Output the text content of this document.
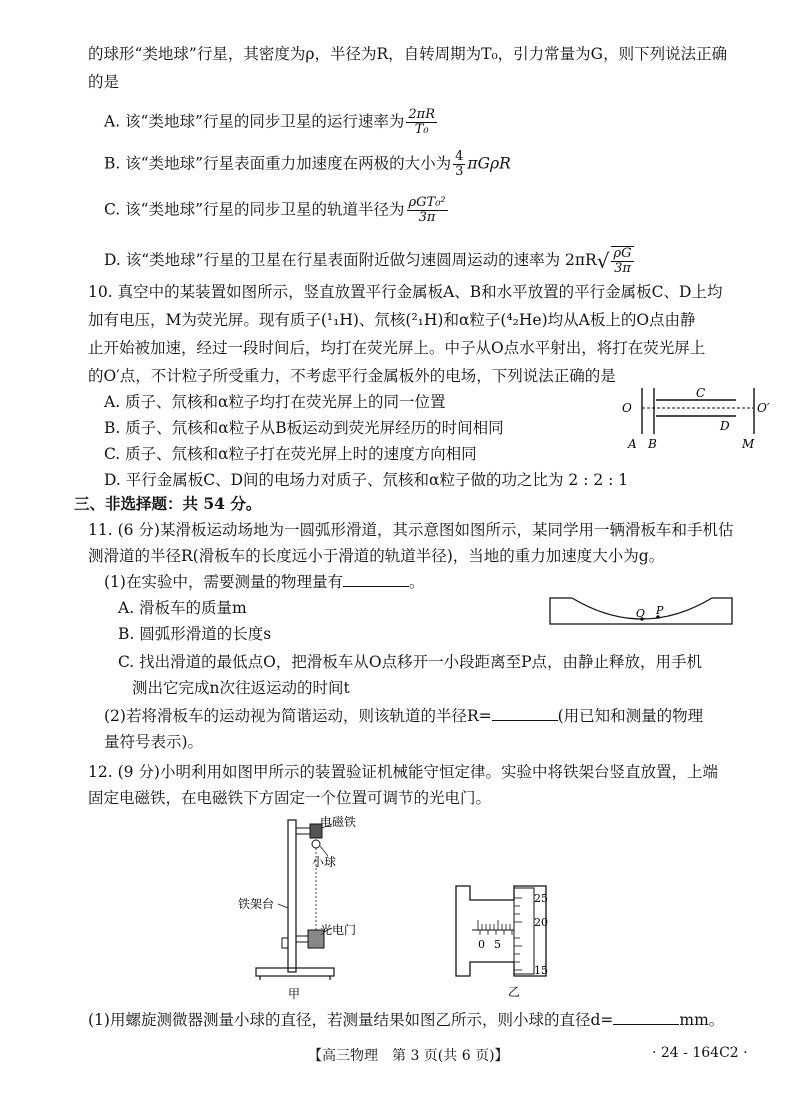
的球形“类地球”行星，其密度为ρ，半径为R，自转周期为T₀，引力常量为G，则下列说法正确
的是
A. 该“类地球”行星的同步卫星的运行速率为 $\frac{2\pi R}{\text{T₀}}$
B. 该“类地球”行星表面重力加速度在两极的大小为 $\frac{4}{3}$ πGρR
C. 该“类地球”行星的同步卫星的轨道半径为 $\frac{\text{ρGT₀²}}{3\pi}$
D. 该“类地球”行星的卫星在行星表面附近做匀速圆周运动的速率为 $2\pi R√ \frac{\rho G}{3\pi}$
10. 真空中的某装置如图所示，竖直放置平行金属板A、B和水平放置的平行金属板C、D上均
加有电压，M为荧光屏。现有质子(¹₁H)、氘核(²₁H)和α粒子(⁴₂He)均从A板上的O点由静
止开始被加速，经过一段时间后，均打在荧光屏上。中子从O点水平射出，将打在荧光屏上
的O′点，不计粒子所受重力，不考虑平行金属板外的电场，下列说法正确的是
A. 质子、氘核和α粒子均打在荧光屏上的同一位置
B. 质子、氘核和α粒子从B板运动到荧光屏经历的时间相同
C. 质子、氘核和α粒子打在荧光屏上时的速度方向相同
D. 平行金属板C、D间的电场力对质子、氘核和α粒子做的功之比为 2 : 2 : 1
O	O′
C
D
A B	M
三、非选择题：共 54 分。
11. (6 分)某滑板运动场地为一圆弧形滑道，其示意图如图所示，某同学用一辆滑板车和手机估
测滑道的半径R(滑板车的长度远小于滑道的轨道半径)，当地的重力加速度大小为g。
(1)在实验中，需要测量的物理量有	。
A. 滑板车的质量m
B. 圆弧形滑道的长度s
C. 找出滑道的最低点O，把滑板车从O点移开一小段距离至P点，由静止释放，用手机
测出它完成n次往返运动的时间t
(2)若将滑板车的运动视为简谐运动，则该轨道的半径R=	(用已知和测量的物理
量符号表示)。
O P
12. (9 分)小明利用如图甲所示的装置验证机械能守恒定律。实验中将铁架台竖直放置，上端
固定电磁铁，在电磁铁下方固定一个位置可调节的光电门。
电磁铁
小球
铁架台
光电门
甲
0 5
25
20
15
乙
(1)用螺旋测微器测量小球的直径，若测量结果如图乙所示，则小球的直径d=	mm。
【高三物理　第 3 页(共 6 页)】	· 24 - 164C2 ·
